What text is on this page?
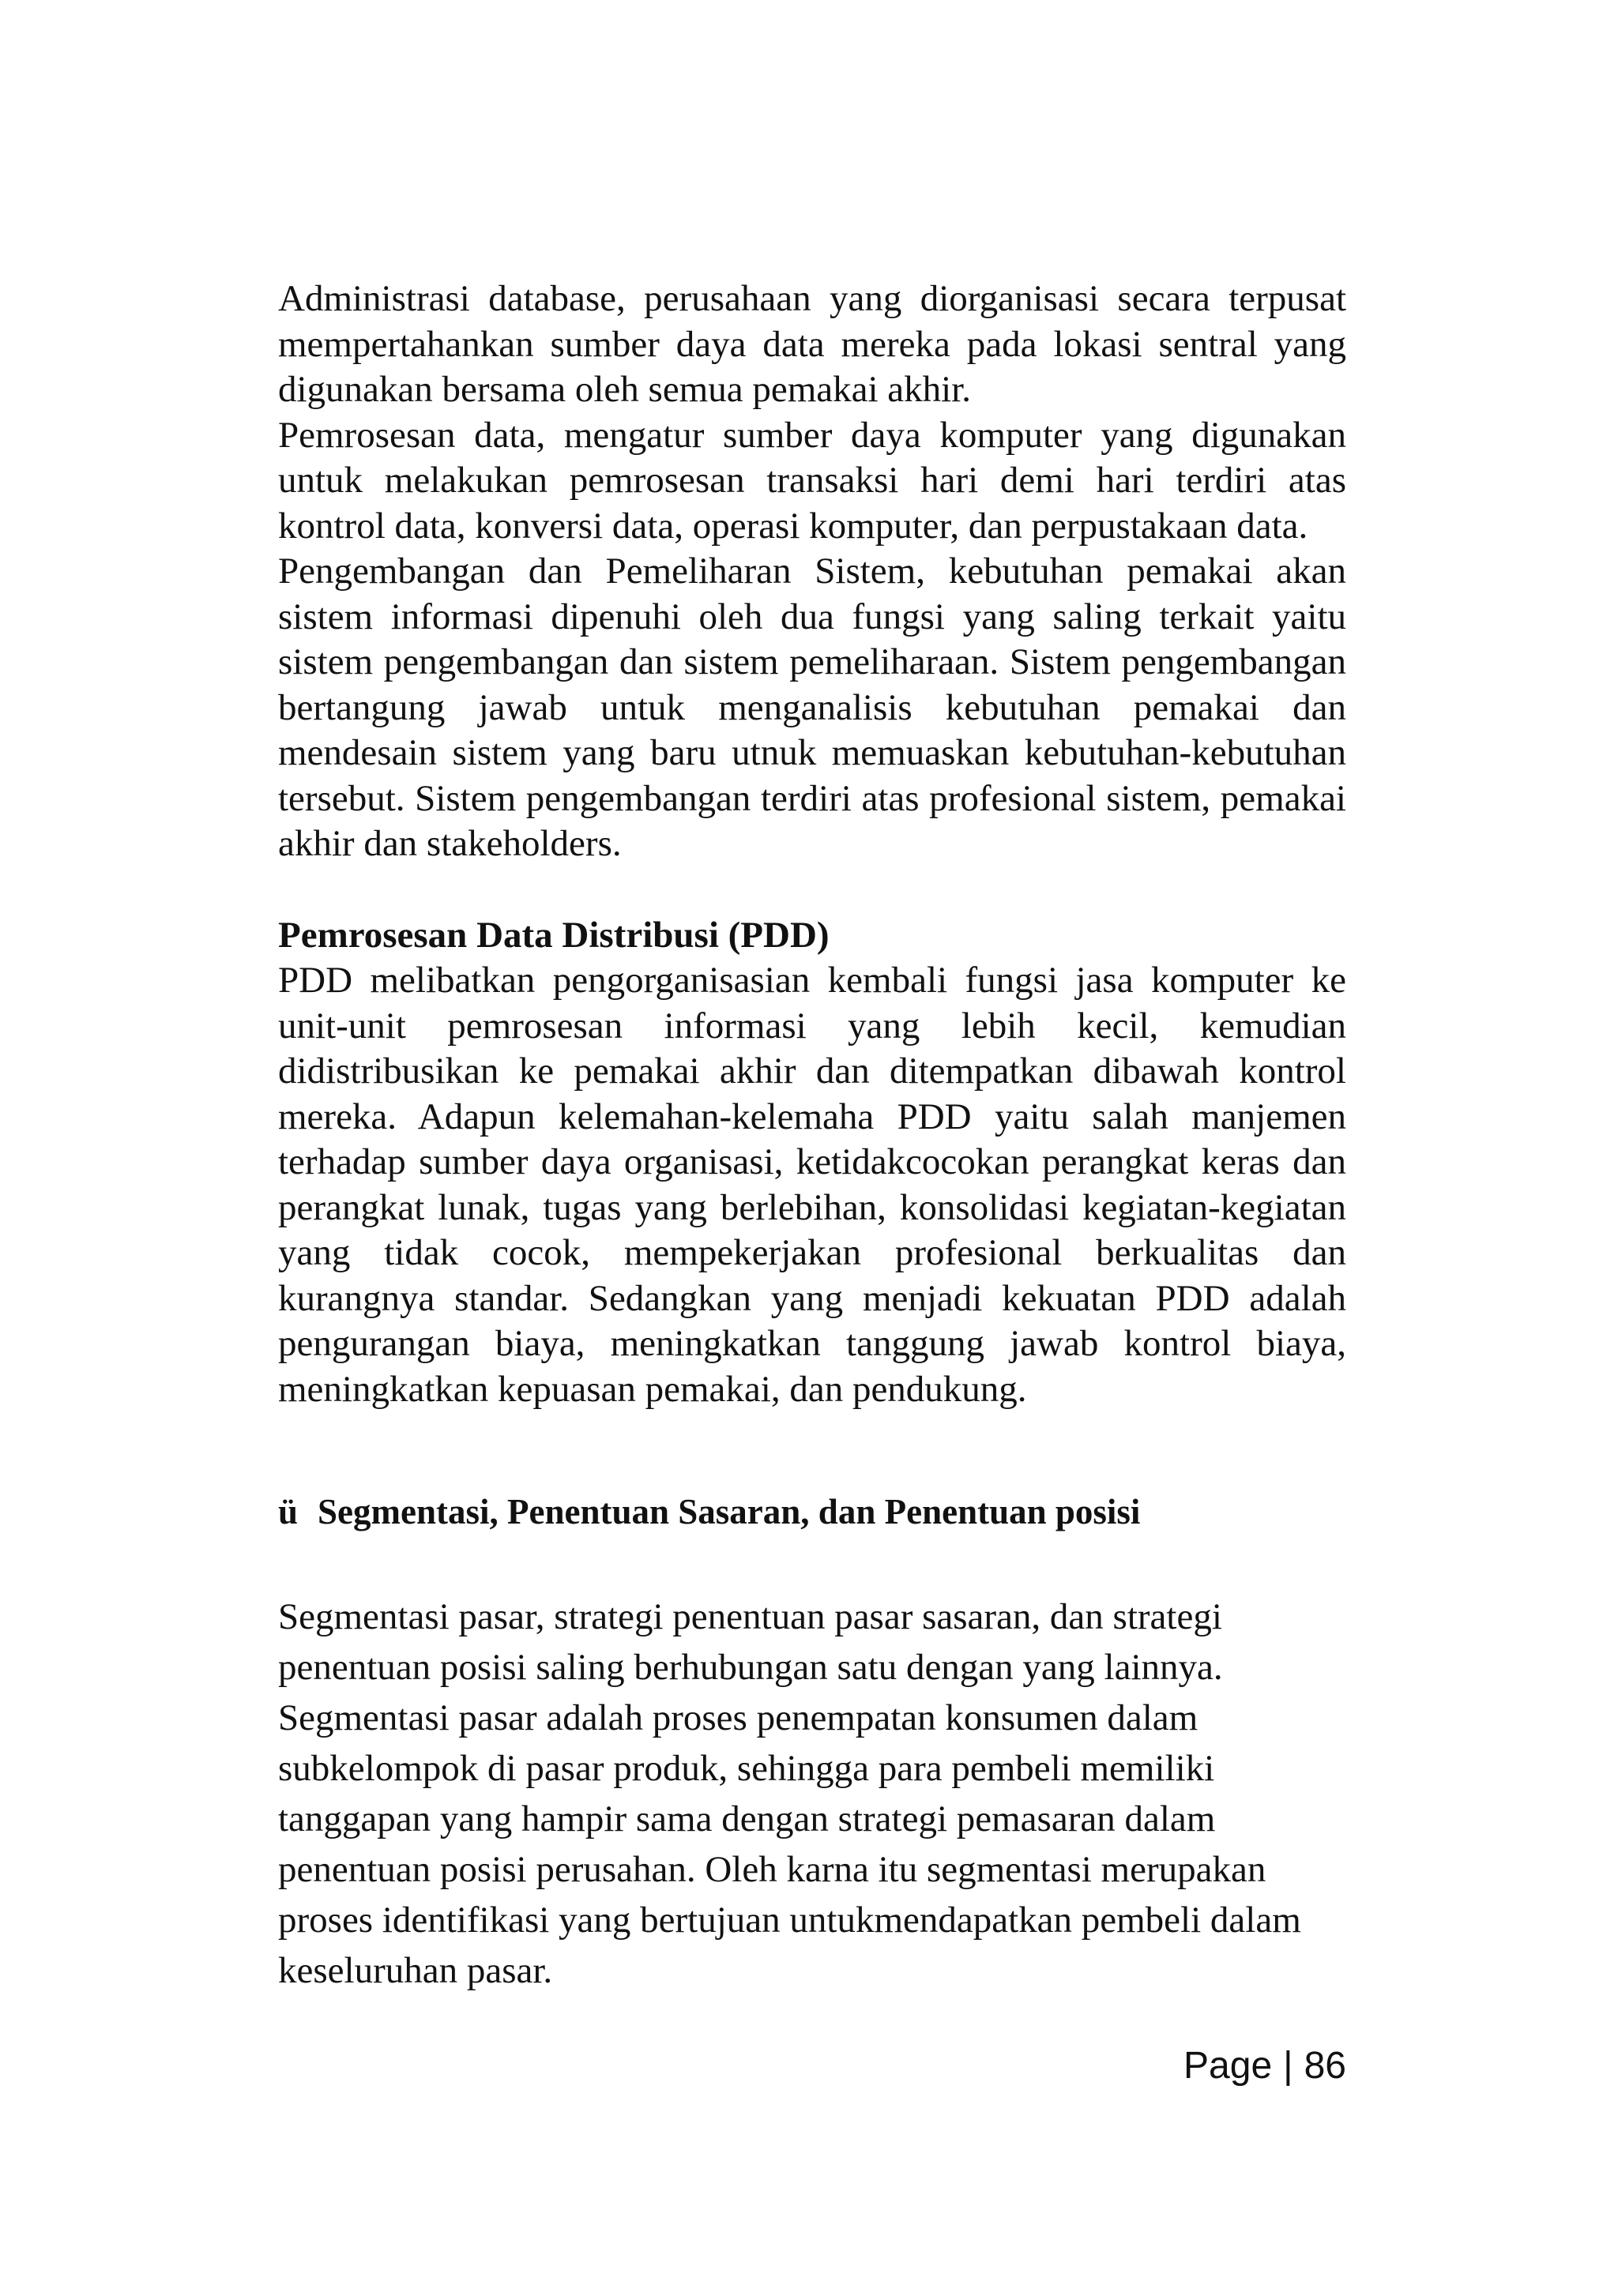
Administrasi database, perusahaan yang diorganisasi secara terpusat mempertahankan sumber daya data mereka pada lokasi sentral yang digunakan bersama oleh semua pemakai akhir.

Pemrosesan data, mengatur sumber daya komputer yang digunakan untuk melakukan pemrosesan transaksi hari demi hari terdiri atas kontrol data, konversi data, operasi komputer, dan perpustakaan data.

Pengembangan dan Pemeliharan Sistem, kebutuhan pemakai akan sistem informasi dipenuhi oleh dua fungsi yang saling terkait yaitu sistem pengembangan dan sistem pemeliharaan. Sistem pengembangan bertangung jawab untuk menganalisis kebutuhan pemakai dan mendesain sistem yang baru utnuk memuaskan kebutuhan-kebutuhan tersebut. Sistem pengembangan terdiri atas profesional sistem, pemakai akhir dan stakeholders.

Pemrosesan Data Distribusi (PDD)

PDD melibatkan pengorganisasian kembali fungsi jasa komputer ke unit-unit pemrosesan informasi yang lebih kecil, kemudian didistribusikan ke pemakai akhir dan ditempatkan dibawah kontrol mereka. Adapun kelemahan-kelemaha PDD yaitu salah manjemen terhadap sumber daya organisasi, ketidakcocokan perangkat keras dan perangkat lunak, tugas yang berlebihan, konsolidasi kegiatan-kegiatan yang tidak cocok, mempekerjakan profesional berkualitas dan kurangnya standar. Sedangkan yang menjadi kekuatan PDD adalah pengurangan biaya, meningkatkan tanggung jawab kontrol biaya, meningkatkan kepuasan pemakai, dan pendukung.

ü Segmentasi, Penentuan Sasaran, dan Penentuan posisi

Segmentasi pasar, strategi penentuan pasar sasaran, dan strategi penentuan posisi saling berhubungan satu dengan yang lainnya. Segmentasi pasar adalah proses penempatan konsumen dalam subkelompok di pasar produk, sehingga para pembeli memiliki tanggapan yang hampir sama dengan strategi pemasaran dalam penentuan posisi perusahan. Oleh karna itu segmentasi merupakan proses identifikasi yang bertujuan untukmendapatkan pembeli dalam keseluruhan pasar.

Page | 86
